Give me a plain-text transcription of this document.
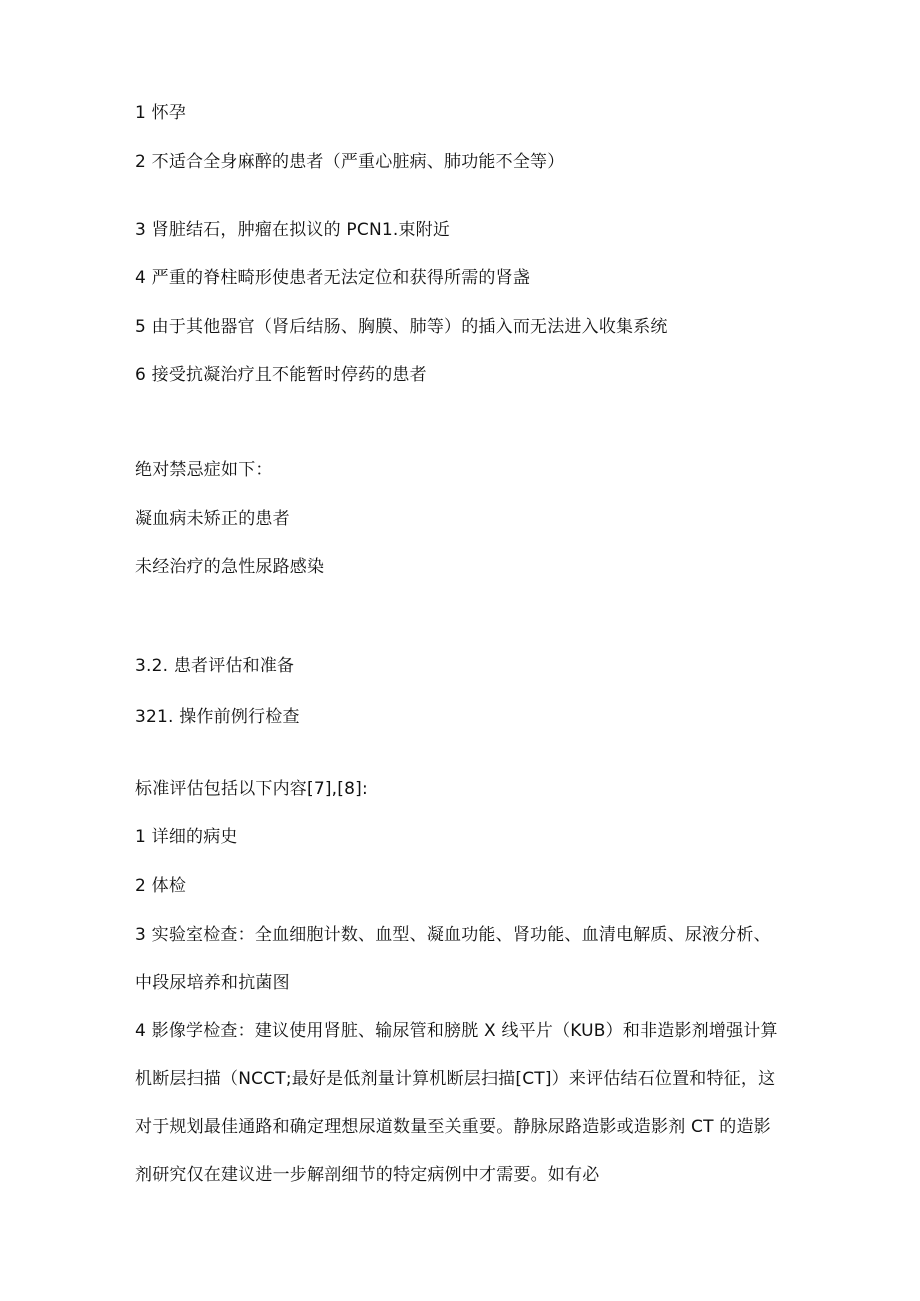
1 怀孕
2 不适合全身麻醉的患者（严重心脏病、肺功能不全等）
3 肾脏结石，肿瘤在拟议的 PCN1.束附近
4 严重的脊柱畸形使患者无法定位和获得所需的肾盏
5 由于其他器官（肾后结肠、胸膜、肺等）的插入而无法进入收集系统
6 接受抗凝治疗且不能暂时停药的患者
绝对禁忌症如下：
凝血病未矫正的患者
未经治疗的急性尿路感染
3.2. 患者评估和准备
321. 操作前例行检查
标准评估包括以下内容[7],[8]:
1 详细的病史
2 体检
3 实验室检查：全血细胞计数、血型、凝血功能、肾功能、血清电解质、尿液分析、中段尿培养和抗菌图
4 影像学检查：建议使用肾脏、输尿管和膀胱 X 线平片（KUB）和非造影剂增强计算机断层扫描（NCCT;最好是低剂量计算机断层扫描[CT]）来评估结石位置和特征，这对于规划最佳通路和确定理想尿道数量至关重要。静脉尿路造影或造影剂 CT 的造影剂研究仅在建议进一步解剖细节的特定病例中才需要。如有必
